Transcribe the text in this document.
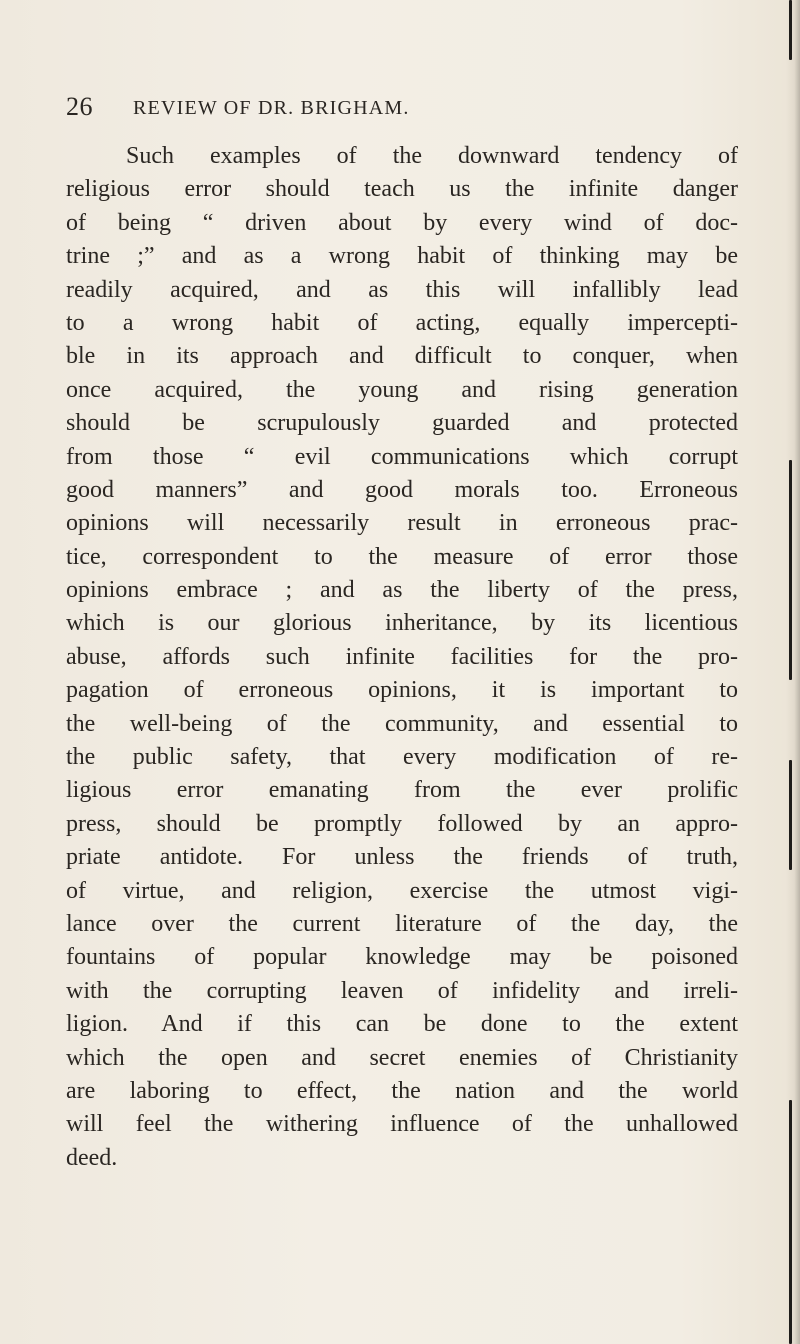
26 REVIEW OF DR. BRIGHAM.
Such examples of the downward tendency of
religious error should teach us the infinite danger
of being “ driven about by every wind of doc-
trine ;” and as a wrong habit of thinking may be
readily acquired, and as this will infallibly lead
to a wrong habit of acting, equally impercepti-
ble in its approach and difficult to conquer, when
once acquired, the young and rising generation
should be scrupulously guarded and protected
from those “ evil communications which corrupt
good manners” and good morals too. Erroneous
opinions will necessarily result in erroneous prac-
tice, correspondent to the measure of error those
opinions embrace ; and as the liberty of the press,
which is our glorious inheritance, by its licentious
abuse, affords such infinite facilities for the pro-
pagation of erroneous opinions, it is important to
the well-being of the community, and essential to
the public safety, that every modification of re-
ligious error emanating from the ever prolific
press, should be promptly followed by an appro-
priate antidote. For unless the friends of truth,
of virtue, and religion, exercise the utmost vigi-
lance over the current literature of the day, the
fountains of popular knowledge may be poisoned
with the corrupting leaven of infidelity and irreli-
ligion. And if this can be done to the extent
which the open and secret enemies of Christianity
are laboring to effect, the nation and the world
will feel the withering influence of the unhallowed
deed.
